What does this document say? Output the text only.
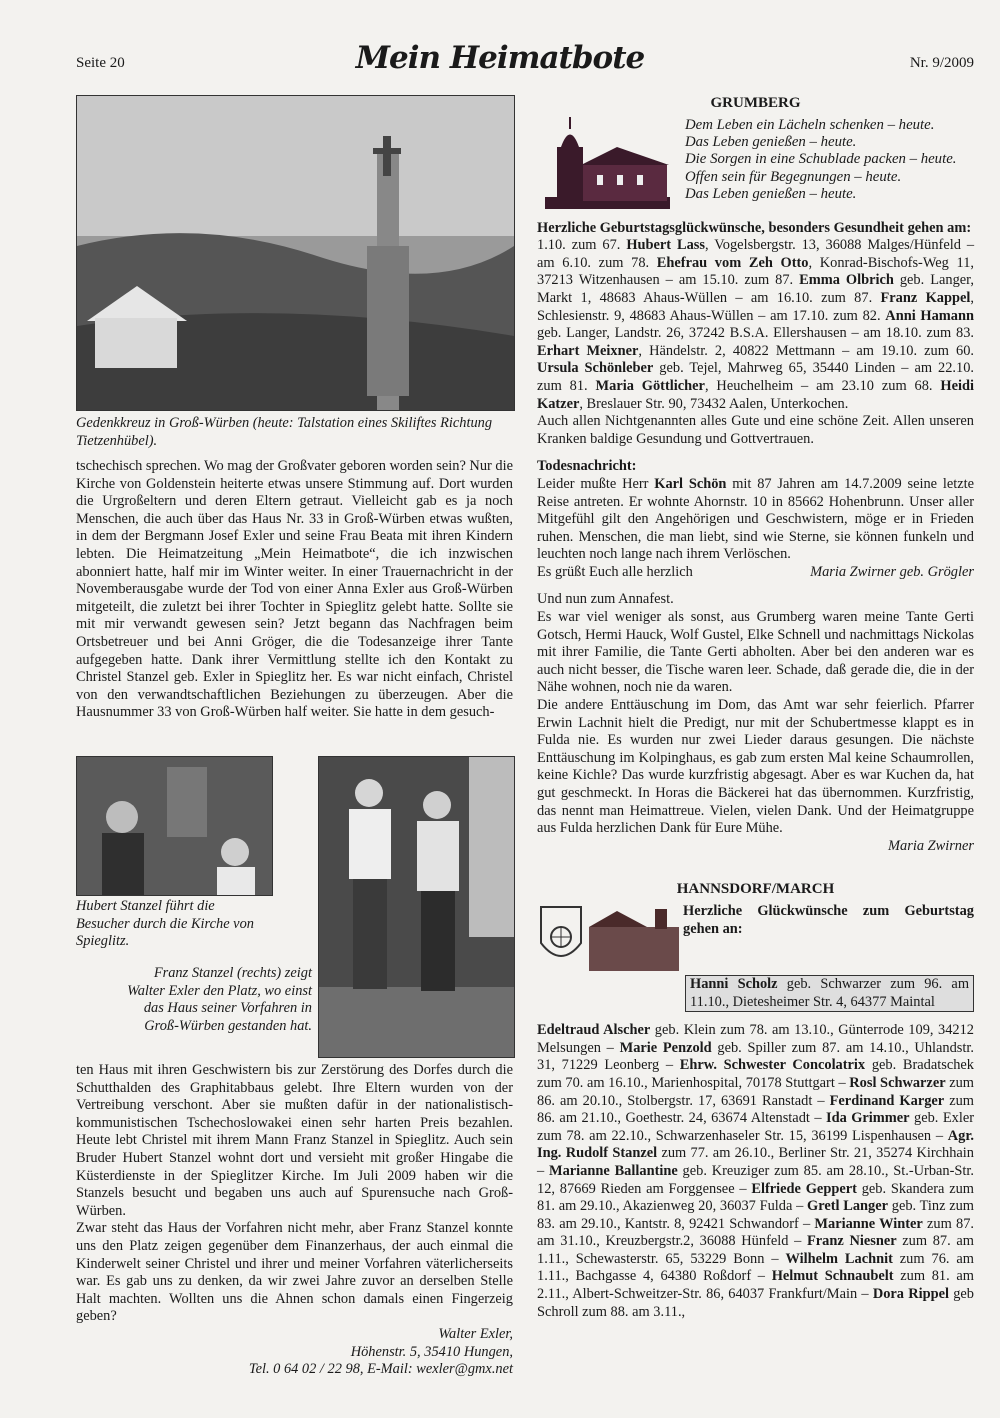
Seite 20	Mein Heimatbote	Nr. 9/2009
Gedenkkreuz in Groß-Würben (heute: Talstation eines Skiliftes Richtung Tietzenhübel).

tschechisch sprechen. Wo mag der Großvater geboren worden sein? Nur die Kirche von Goldenstein heiterte etwas unsere Stimmung auf. Dort wurden die Urgroßeltern und deren Eltern getraut. Vielleicht gab es ja noch Menschen, die auch über das Haus Nr. 33 in Groß-Würben etwas wußten, in dem der Bergmann Josef Exler und seine Frau Beata mit ihren Kindern lebten. Die Heimatzeitung „Mein Heimatbote“, die ich inzwischen abonniert hatte, half mir im Winter weiter. In einer Trauernachricht in der Novemberausgabe wurde der Tod von einer Anna Exler aus Groß-Würben mitgeteilt, die zuletzt bei ihrer Tochter in Spieglitz gelebt hatte. Sollte sie mit mir verwandt gewesen sein? Jetzt begann das Nachfragen beim Ortsbetreuer und bei Anni Gröger, die die Todesanzeige ihrer Tante aufgegeben hatte. Dank ihrer Vermittlung stellte ich den Kontakt zu Christel Stanzel geb. Exler in Spieglitz her. Es war nicht einfach, Christel von den verwandtschaftlichen Beziehungen zu überzeugen. Aber die Hausnummer 33 von Groß-Würben half weiter. Sie hatte in dem gesuch-

Hubert Stanzel führt die Besucher durch die Kirche von Spieglitz.
Franz Stanzel (rechts) zeigt Walter Exler den Platz, wo einst das Haus seiner Vorfahren in Groß-Würben gestanden hat.

ten Haus mit ihren Geschwistern bis zur Zerstörung des Dorfes durch die Schutthalden des Graphitabbaus gelebt. Ihre Eltern wurden von der Vertreibung verschont. Aber sie mußten dafür in der nationalistisch-kommunistischen Tschechoslowakei einen sehr harten Preis bezahlen. Heute lebt Christel mit ihrem Mann Franz Stanzel in Spieglitz. Auch sein Bruder Hubert Stanzel wohnt dort und versieht mit großer Hingabe die Küsterdienste in der Spieglitzer Kirche. Im Juli 2009 haben wir die Stanzels besucht und begaben uns auch auf Spurensuche nach Groß-Würben.

Zwar steht das Haus der Vorfahren nicht mehr, aber Franz Stanzel konnte uns den Platz zeigen gegenüber dem Finanzerhaus, der auch einmal die Kinderwelt seiner Christel und ihrer und meiner Vorfahren väterlicherseits war. Es gab uns zu denken, da wir zwei Jahre zuvor an derselben Stelle Halt machten. Wollten uns die Ahnen schon damals einen Fingerzeig geben?

Walter Exler,
Höhenstr. 5, 35410 Hungen,
Tel. 0 64 02 / 22 98, E-Mail: wexler@gmx.net
GRUMBERG
Dem Leben ein Lächeln schenken – heute.
Das Leben genießen – heute.
Die Sorgen in eine Schublade packen – heute.
Offen sein für Begegnungen – heute.
Das Leben genießen – heute.

Herzliche Geburtstagsglückwünsche, besonders Gesundheit gehen am:

1.10. zum 67. Hubert Lass, Vogelsbergstr. 13, 36088 Malges/Hünfeld – am 6.10. zum 78. Ehefrau vom Zeh Otto, Konrad-Bischofs-Weg 11, 37213 Witzenhausen – am 15.10. zum 87. Emma Olbrich geb. Langer, Markt 1, 48683 Ahaus-Wüllen – am 16.10. zum 87. Franz Kappel, Schlesienstr. 9, 48683 Ahaus-Wüllen – am 17.10. zum 82. Anni Hamann geb. Langer, Landstr. 26, 37242 B.S.A. Ellershausen – am 18.10. zum 83. Erhart Meixner, Händelstr. 2, 40822 Mettmann – am 19.10. zum 60. Ursula Schönleber geb. Tejel, Mahrweg 65, 35440 Linden – am 22.10. zum 81. Maria Göttlicher, Heuchelheim – am 23.10 zum 68. Heidi Katzer, Breslauer Str. 90, 73432 Aalen, Unterkochen.

Auch allen Nichtgenannten alles Gute und eine schöne Zeit. Allen unseren Kranken baldige Gesundung und Gottvertrauen.

Todesnachricht:

Leider mußte Herr Karl Schön mit 87 Jahren am 14.7.2009 seine letzte Reise antreten. Er wohnte Ahornstr. 10 in 85662 Hohenbrunn. Unser aller Mitgefühl gilt den Angehörigen und Geschwistern, möge er in Frieden ruhen. Menschen, die man liebt, sind wie Sterne, sie können funkeln und leuchten noch lange nach ihrem Verlöschen.

Es grüßt Euch alle herzlich	Maria Zwirner geb. Grögler

Und nun zum Annafest.

Es war viel weniger als sonst, aus Grumberg waren meine Tante Gerti Gotsch, Hermi Hauck, Wolf Gustel, Elke Schnell und nachmittags Nickolas mit ihrer Familie, die Tante Gerti abholten. Aber bei den anderen war es auch nicht besser, die Tische waren leer. Schade, daß gerade die, die in der Nähe wohnen, noch nie da waren.

Die andere Enttäuschung im Dom, das Amt war sehr feierlich. Pfarrer Erwin Lachnit hielt die Predigt, nur mit der Schubertmesse klappt es in Fulda nie. Es wurden nur zwei Lieder daraus gesungen. Die nächste Enttäuschung im Kolpinghaus, es gab zum ersten Mal keine Schaumrollen, keine Kichle? Das wurde kurzfristig abgesagt. Aber es war Kuchen da, hat gut geschmeckt. In Horas die Bäckerei hat das übernommen. Kurzfristig, das nennt man Heimattreue. Vielen, vielen Dank. Und der Heimatgruppe aus Fulda herzlichen Dank für Eure Mühe.

Maria Zwirner
HANNSDORF/MARCH

Herzliche Glückwünsche zum Geburtstag gehen an:

Hanni Scholz geb. Schwarzer zum 96. am 11.10., Dietesheimer Str. 4, 64377 Maintal

Edeltraud Alscher geb. Klein zum 78. am 13.10., Günterrode 109, 34212 Melsungen – Marie Penzold geb. Spiller zum 87. am 14.10., Uhlandstr. 31, 71229 Leonberg – Ehrw. Schwester Concolatrix geb. Bradatschek zum 70. am 16.10., Marienhospital, 70178 Stuttgart – Rosl Schwarzer zum 86. am 20.10., Stolbergstr. 17, 63691 Ranstadt – Ferdinand Karger zum 86. am 21.10., Goethestr. 24, 63674 Altenstadt – Ida Grimmer geb. Exler zum 78. am 22.10., Schwarzenhaseler Str. 15, 36199 Lispenhausen – Agr. Ing. Rudolf Stanzel zum 77. am 26.10., Berliner Str. 21, 35274 Kirchhain – Marianne Ballantine geb. Kreuziger zum 85. am 28.10., St.-Urban-Str. 12, 87669 Rieden am Forggensee – Elfriede Geppert geb. Skandera zum 81. am 29.10., Akazienweg 20, 36037 Fulda – Gretl Langer geb. Tinz zum 83. am 29.10., Kantstr. 8, 92421 Schwandorf – Marianne Winter zum 87. am 31.10., Kreuzbergstr.2, 36088 Hünfeld – Franz Niesner zum 87. am 1.11., Schewasterstr. 65, 53229 Bonn – Wilhelm Lachnit zum 76. am 1.11., Bachgasse 4, 64380 Roßdorf – Helmut Schnaubelt zum 81. am 2.11., Albert-Schweitzer-Str. 86, 64037 Frankfurt/Main – Dora Rippel geb Schroll zum 88. am 3.11.,
